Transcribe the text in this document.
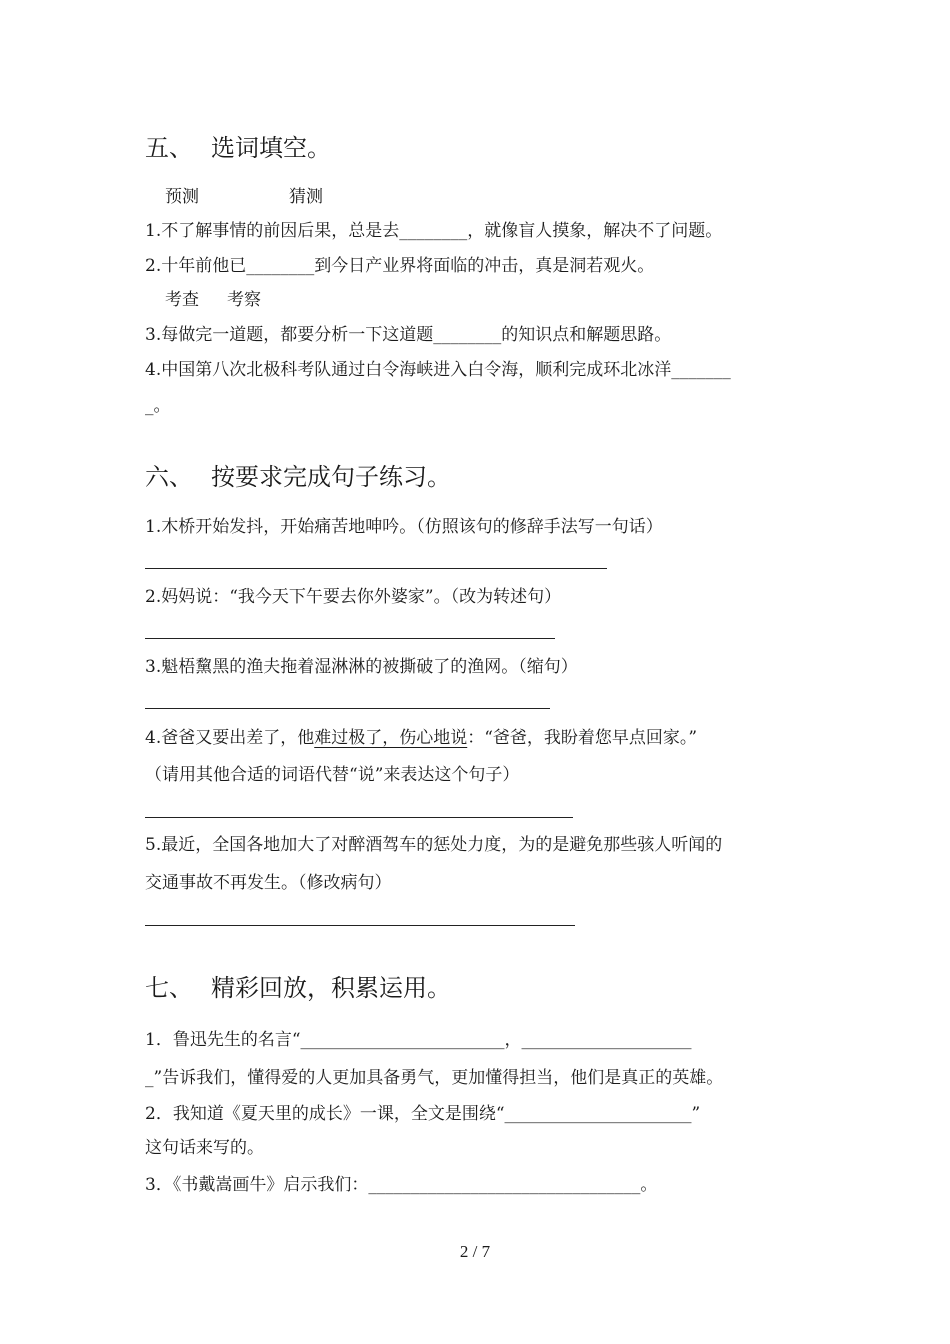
五、 选词填空。
预测	猜测
1.不了解事情的前因后果，总是去________，就像盲人摸象，解决不了问题。
2.十年前他已________到今日产业界将面临的冲击，真是洞若观火。
考查 考察
3.每做完一道题，都要分析一下这道题________的知识点和解题思路。
4.中国第八次北极科考队通过白令海峡进入白令海，顺利完成环北冰洋_______
_。
六、 按要求完成句子练习。
1.木桥开始发抖，开始痛苦地呻吟。（仿照该句的修辞手法写一句话）
2.妈妈说：“我今天下午要去你外婆家”。（改为转述句）
3.魁梧黧黑的渔夫拖着湿淋淋的被撕破了的渔网。（缩句）
4.爸爸又要出差了，他难过极了，伤心地说：“爸爸，我盼着您早点回家。”
（请用其他合适的词语代替“说”来表达这个句子）
5.最近，全国各地加大了对醉酒驾车的惩处力度，为的是避免那些骇人听闻的
交通事故不再发生。（修改病句）
七、 精彩回放，积累运用。
1．鲁迅先生的名言“________________________，____________________
_”告诉我们，懂得爱的人更加具备勇气，更加懂得担当，他们是真正的英雄。
2．我知道《夏天里的成长》一课，全文是围绕“______________________”
这句话来写的。
3．《书戴嵩画牛》启示我们：________________________________。
2 / 7
